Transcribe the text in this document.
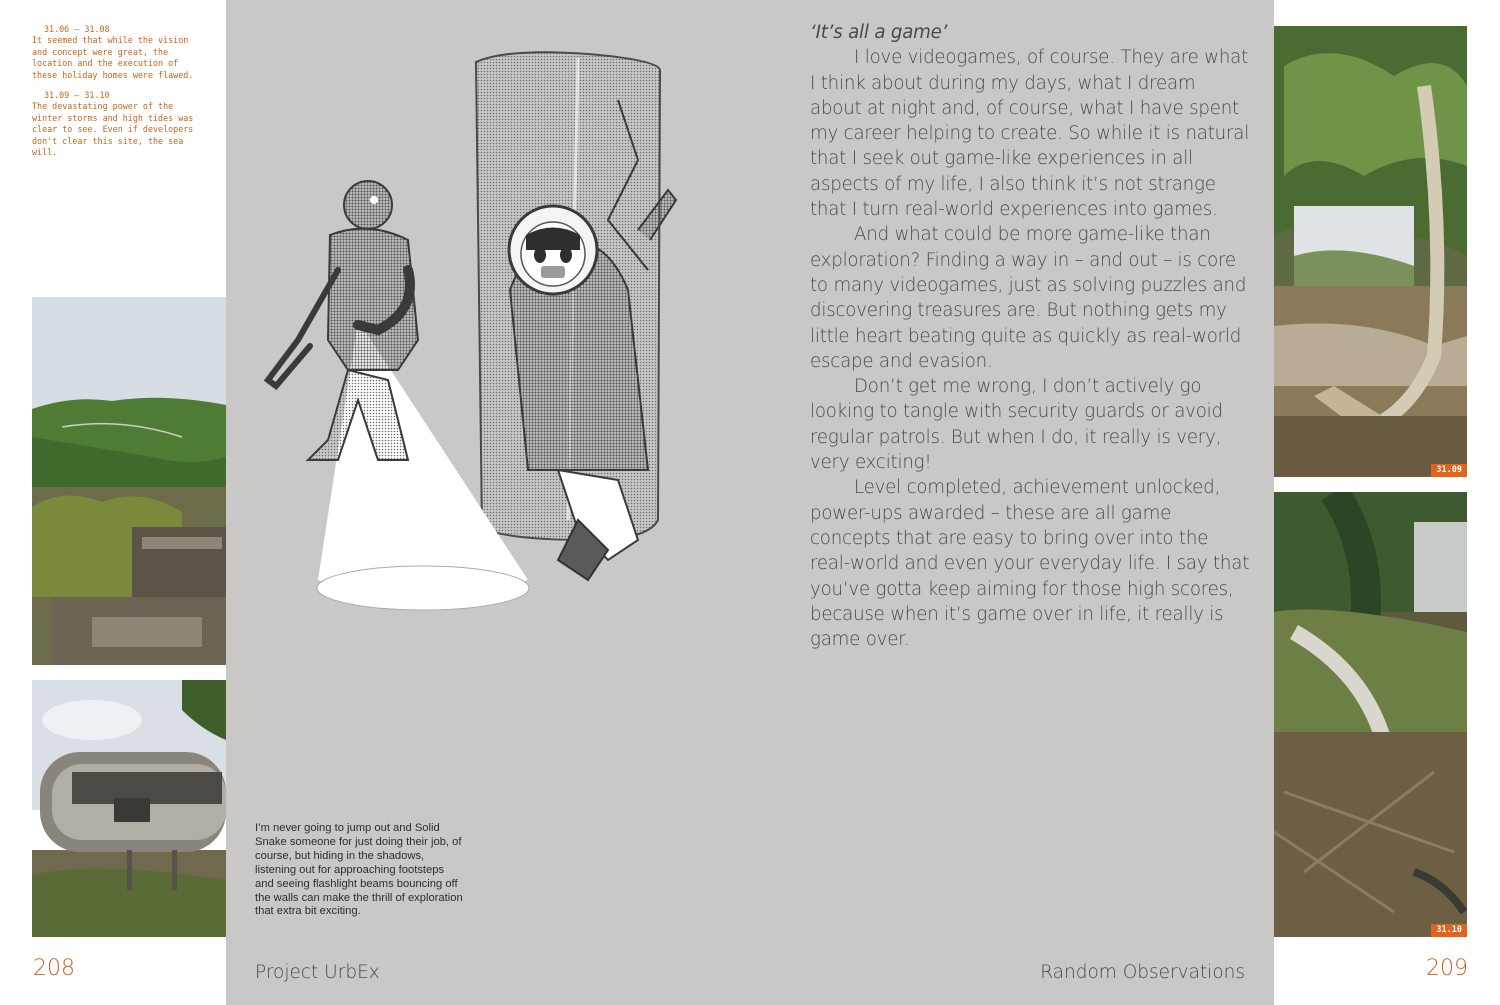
31.06 – 31.08
It seemed that while the vision and concept were great, the location and the execution of these holiday homes were flawed.
31.09 – 31.10
The devastating power of the winter storms and high tides was clear to see. Even if developers don't clear this site, the sea will.
31.09
31.10
I’m never going to jump out and Solid Snake someone for just doing their job, of course, but hiding in the shadows, listening out for approaching footsteps and seeing flashlight beams bouncing off the walls can make the thrill of exploration that extra bit exciting.
‘It’s all a game’

I love videogames, of course. They are what I think about during my days, what I dream about at night and, of course, what I have spent my career helping to create. So while it is natural that I seek out game-like experiences in all aspects of my life, I also think it’s not strange that I turn real-world experiences into games.

And what could be more game-like than exploration? Finding a way in – and out – is core to many videogames, just as solving puzzles and discovering treasures are. But nothing gets my little heart beating quite as quickly as real-world escape and evasion.

Don’t get me wrong, I don’t actively go looking to tangle with security guards or avoid regular patrols. But when I do, it really is very, very exciting!

Level completed, achievement unlocked, power-ups awarded – these are all game concepts that are easy to bring over into the real-world and even your everyday life. I say that you’ve gotta keep aiming for those high scores, because when it’s game over in life, it really is game over.

208	Project UrbEx	Random Observations	209
